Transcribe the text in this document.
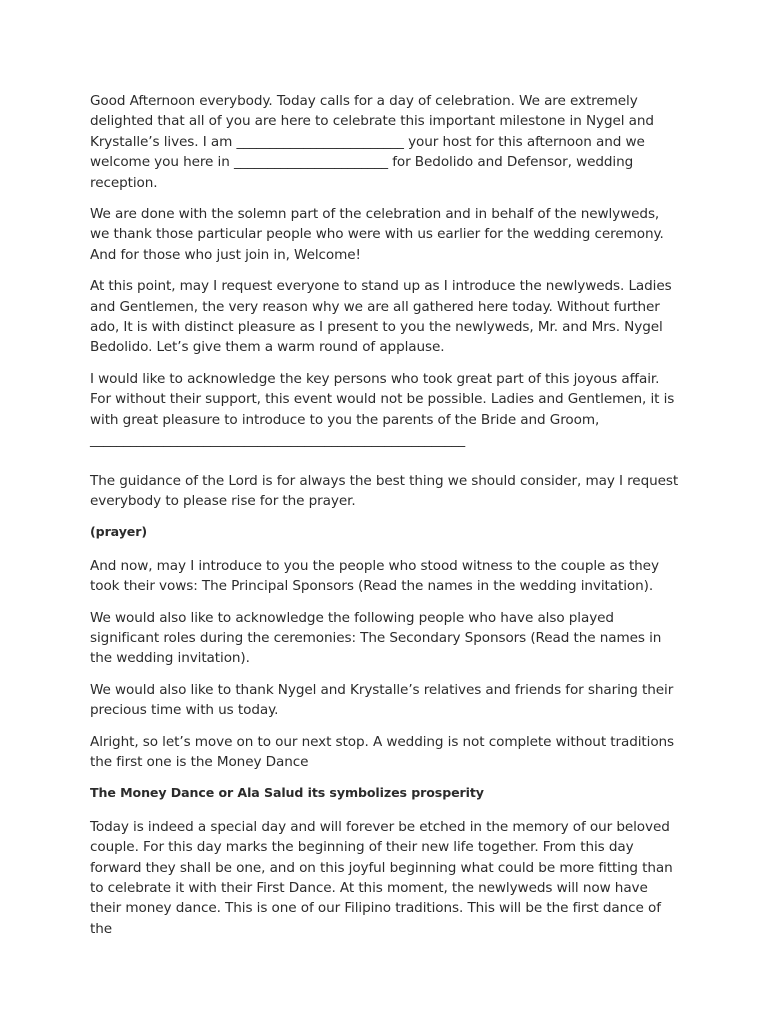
Good Afternoon everybody. Today calls for a day of celebration. We are extremely delighted that all of you are here to celebrate this important milestone in Nygel and Krystalle’s lives. I am _________________________ your host for this afternoon and we welcome you here in _______________________ for Bedolido and Defensor, wedding reception.

We are done with the solemn part of the celebration and in behalf of the newlyweds, we thank those particular people who were with us earlier for the wedding ceremony. And for those who just join in, Welcome!

At this point, may I request everyone to stand up as I introduce the newlyweds. Ladies and Gentlemen, the very reason why we are all gathered here today. Without further ado, It is with distinct pleasure as I present to you the newlyweds, Mr. and Mrs. Nygel Bedolido. Let’s give them a warm round of applause.

I would like to acknowledge the key persons who took great part of this joyous affair. For without their support, this event would not be possible. Ladies and Gentlemen, it is with great pleasure to introduce to you the parents of the Bride and Groom, ________________________________________________________

The guidance of the Lord is for always the best thing we should consider, may I request everybody to please rise for the prayer.

(prayer)

And now, may I introduce to you the people who stood witness to the couple as they took their vows: The Principal Sponsors (Read the names in the wedding invitation).

We would also like to acknowledge the following people who have also played significant roles during the ceremonies: The Secondary Sponsors (Read the names in the wedding invitation).

We would also like to thank Nygel and Krystalle’s relatives and friends for sharing their precious time with us today.

Alright, so let’s move on to our next stop. A wedding is not complete without traditions the first one is the Money Dance

The Money Dance or Ala Salud its symbolizes prosperity

Today is indeed a special day and will forever be etched in the memory of our beloved couple. For this day marks the beginning of their new life together. From this day forward they shall be one, and on this joyful beginning what could be more fitting than to celebrate it with their First Dance. At this moment, the newlyweds will now have their money dance. This is one of our Filipino traditions. This will be the first dance of the
